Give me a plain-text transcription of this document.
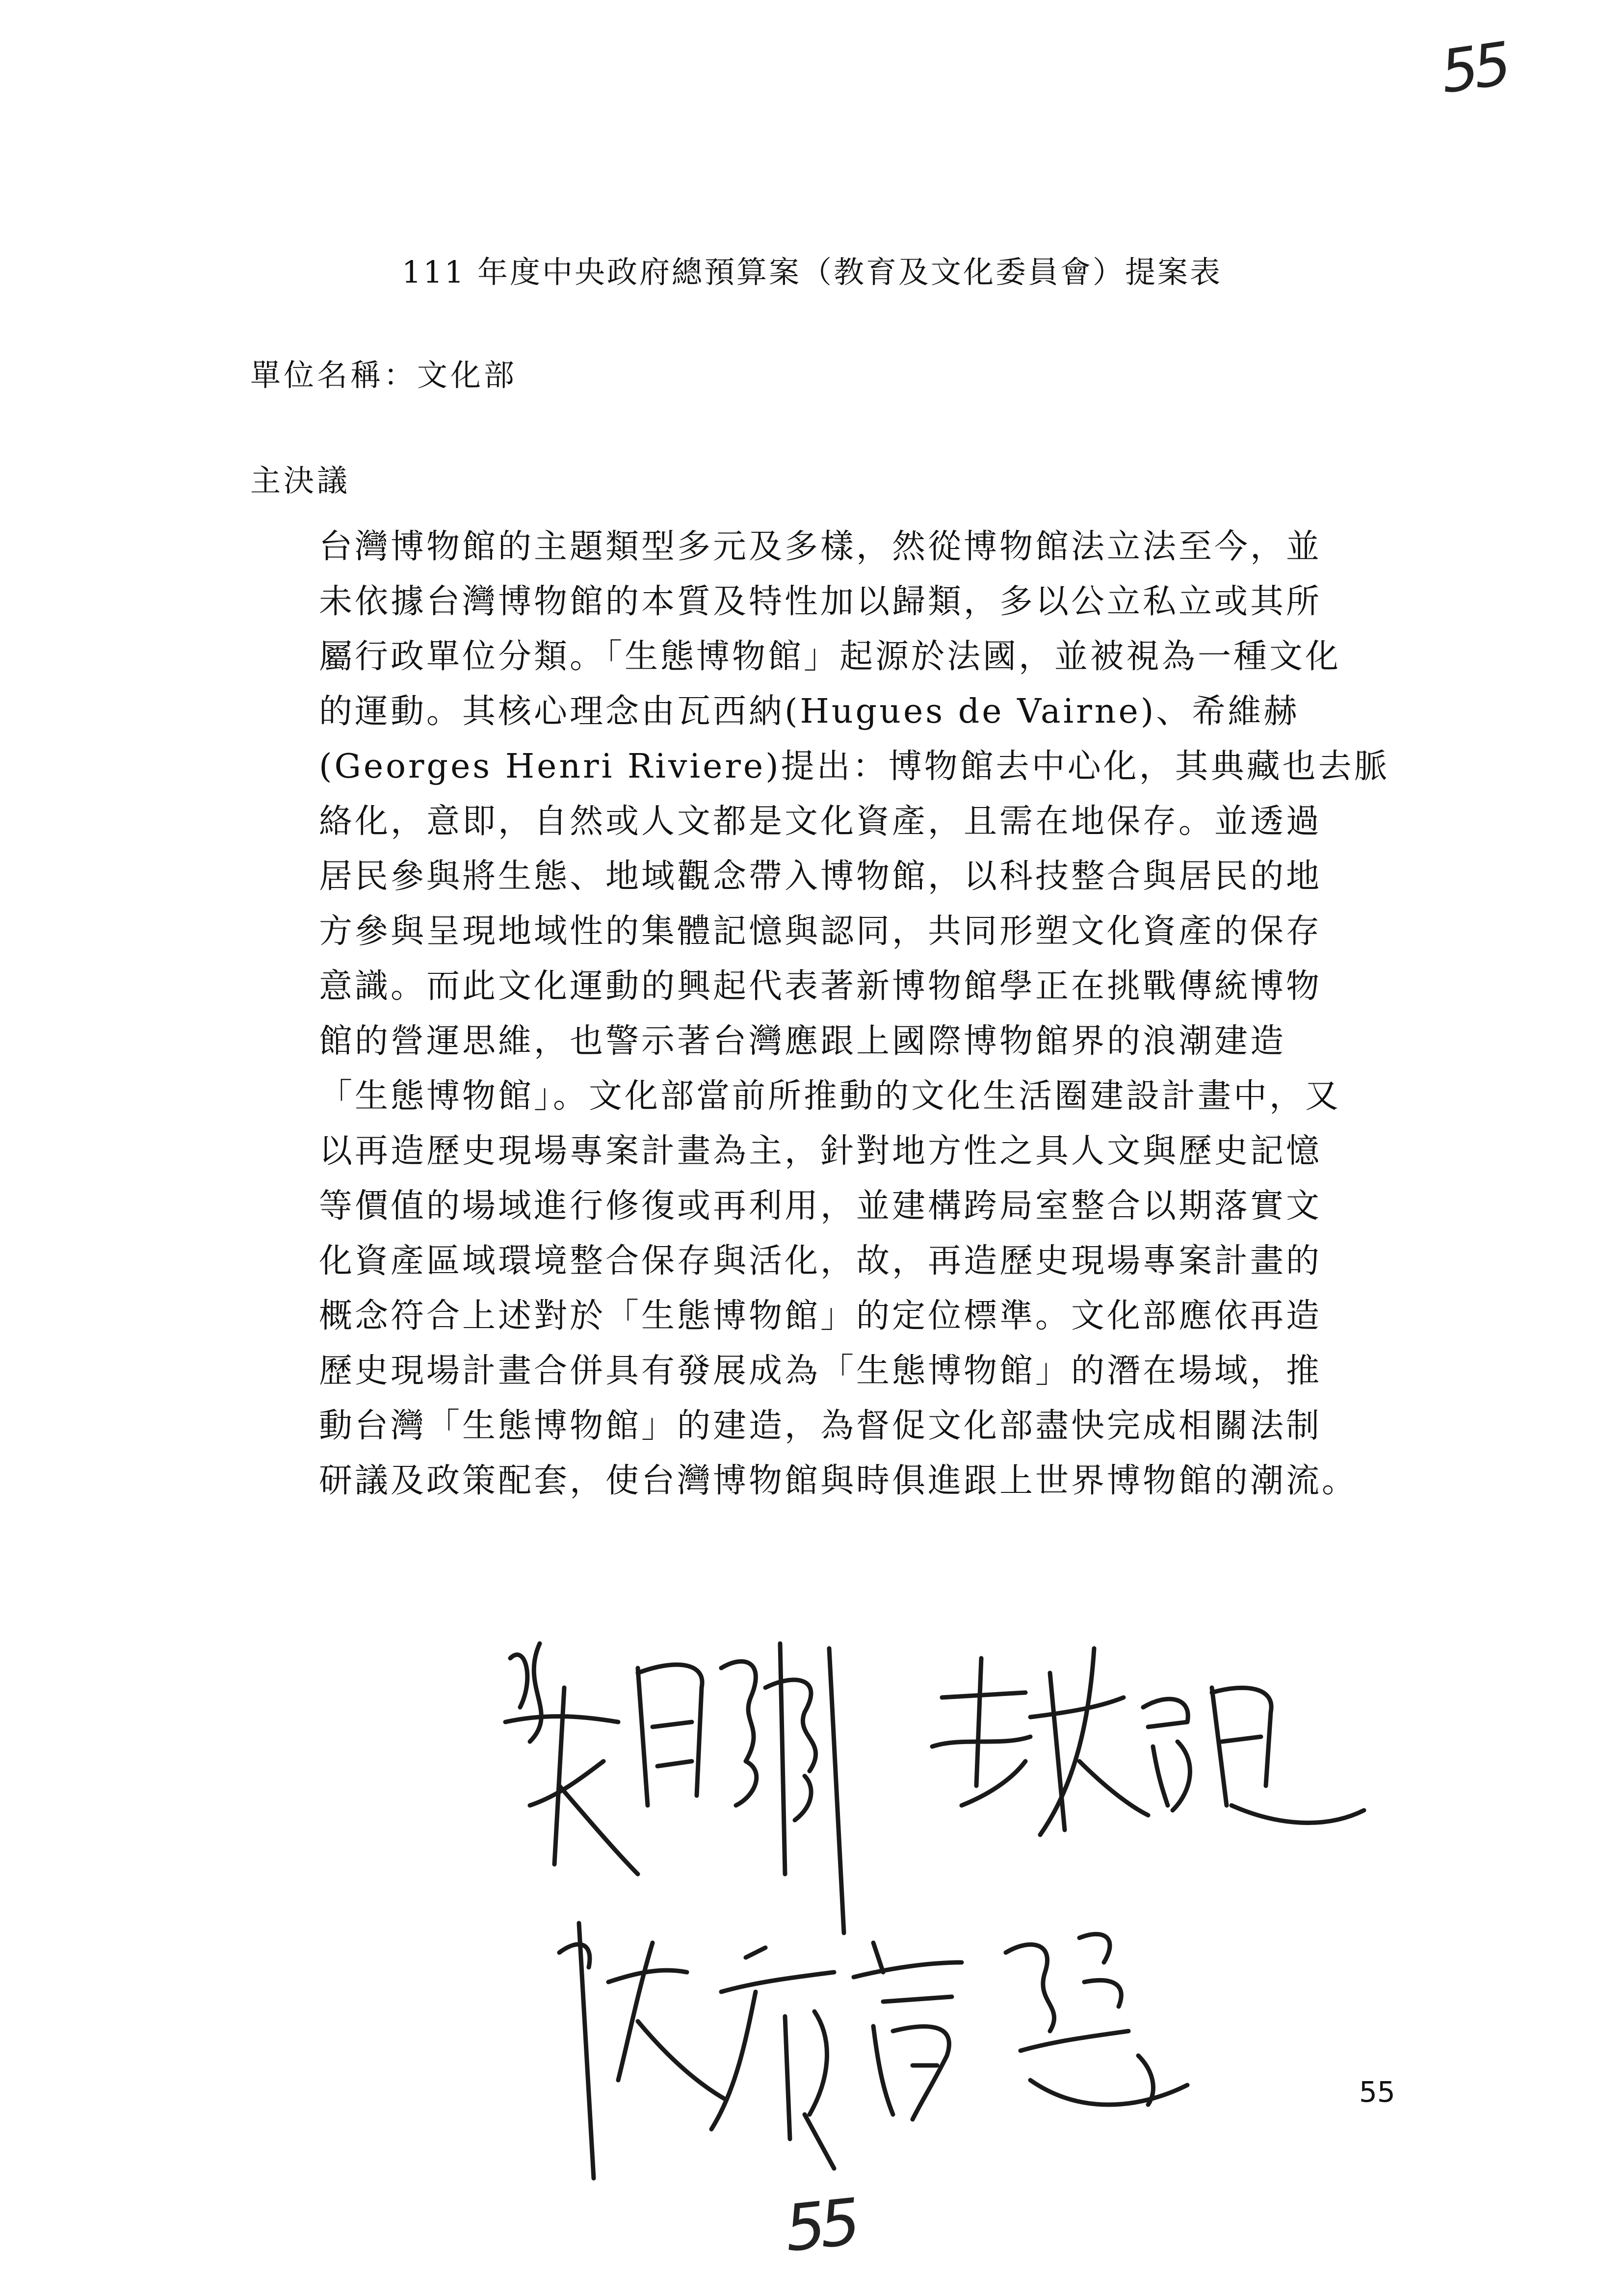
55
111 年度中央政府總預算案（教育及文化委員會）提案表
單位名稱：文化部
主決議
台灣博物館的主題類型多元及多樣，然從博物館法立法至今，並
未依據台灣博物館的本質及特性加以歸類，多以公立私立或其所
屬行政單位分類。「生態博物館」起源於法國，並被視為一種文化
的運動。其核心理念由瓦西納(Hugues de Vairne)、希維赫
(Georges Henri Riviere)提出：博物館去中心化，其典藏也去脈
絡化，意即，自然或人文都是文化資產，且需在地保存。並透過
居民參與將生態、地域觀念帶入博物館，以科技整合與居民的地
方參與呈現地域性的集體記憶與認同，共同形塑文化資產的保存
意識。而此文化運動的興起代表著新博物館學正在挑戰傳統博物
館的營運思維，也警示著台灣應跟上國際博物館界的浪潮建造
「生態博物館」。文化部當前所推動的文化生活圈建設計畫中，又
以再造歷史現場專案計畫為主，針對地方性之具人文與歷史記憶
等價值的場域進行修復或再利用，並建構跨局室整合以期落實文
化資產區域環境整合保存與活化，故，再造歷史現場專案計畫的
概念符合上述對於「生態博物館」的定位標準。文化部應依再造
歷史現場計畫合併具有發展成為「生態博物館」的潛在場域，推
動台灣「生態博物館」的建造，為督促文化部盡快完成相關法制
研議及政策配套，使台灣博物館與時俱進跟上世界博物館的潮流。
55
55
